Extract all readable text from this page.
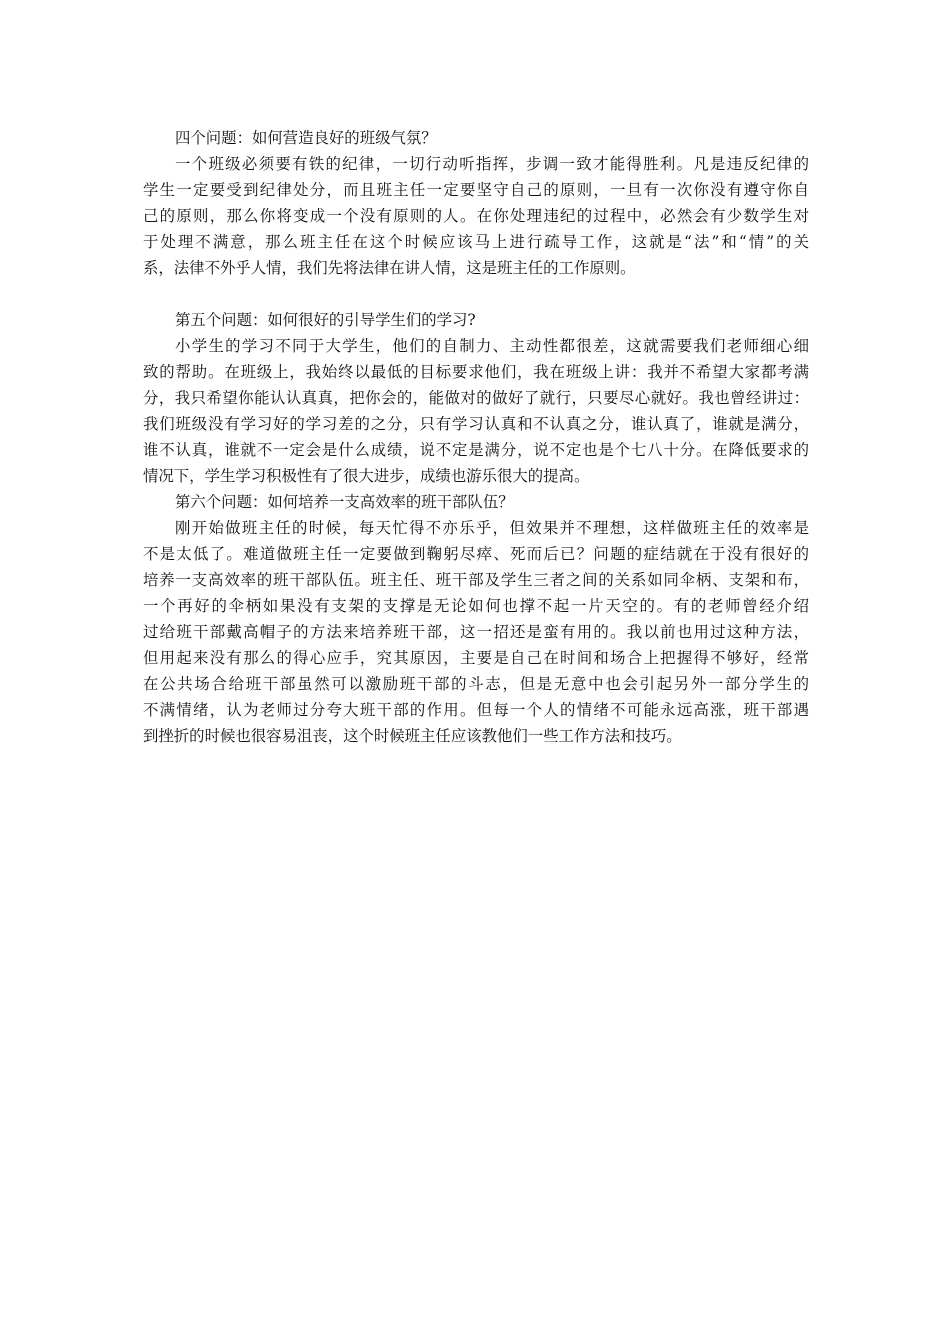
四个问题：如何营造良好的班级气氛？
一个班级必须要有铁的纪律，一切行动听指挥，步调一致才能得胜利。凡是违反纪律的
学生一定要受到纪律处分，而且班主任一定要坚守自己的原则，一旦有一次你没有遵守你自
己的原则，那么你将变成一个没有原则的人。在你处理违纪的过程中，必然会有少数学生对
于处理不满意，那么班主任在这个时候应该马上进行疏导工作，这就是“法”和“情”的关
系，法律不外乎人情，我们先将法律在讲人情，这是班主任的工作原则。
第五个问题：如何很好的引导学生们的学习?
小学生的学习不同于大学生，他们的自制力、主动性都很差，这就需要我们老师细心细
致的帮助。在班级上，我始终以最低的目标要求他们，我在班级上讲：我并不希望大家都考满
分，我只希望你能认认真真，把你会的，能做对的做好了就行，只要尽心就好。我也曾经讲过：
我们班级没有学习好的学习差的之分，只有学习认真和不认真之分，谁认真了，谁就是满分，
谁不认真，谁就不一定会是什么成绩，说不定是满分，说不定也是个七八十分。在降低要求的
情况下，学生学习积极性有了很大进步，成绩也游乐很大的提高。
第六个问题：如何培养一支高效率的班干部队伍？
刚开始做班主任的时候，每天忙得不亦乐乎，但效果并不理想，这样做班主任的效率是
不是太低了。难道做班主任一定要做到鞠躬尽瘁、死而后已？问题的症结就在于没有很好的
培养一支高效率的班干部队伍。班主任、班干部及学生三者之间的关系如同伞柄、支架和布，
一个再好的伞柄如果没有支架的支撑是无论如何也撑不起一片天空的。有的老师曾经介绍
过给班干部戴高帽子的方法来培养班干部，这一招还是蛮有用的。我以前也用过这种方法，
但用起来没有那么的得心应手，究其原因，主要是自己在时间和场合上把握得不够好，经常
在公共场合给班干部虽然可以激励班干部的斗志，但是无意中也会引起另外一部分学生的
不满情绪，认为老师过分夸大班干部的作用。但每一个人的情绪不可能永远高涨，班干部遇
到挫折的时候也很容易沮丧，这个时候班主任应该教他们一些工作方法和技巧。
